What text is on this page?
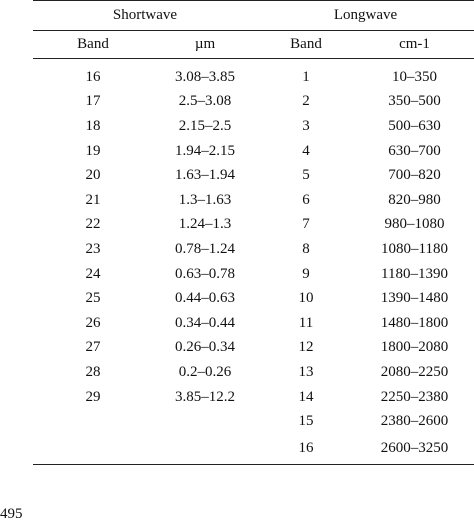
Shortwave		Longwave	
Band	µm	Band	cm-1
16	3.08–3.85	1	10–350
17	2.5–3.08	2	350–500
18	2.15–2.5	3	500–630
19	1.94–2.15	4	630–700
20	1.63–1.94	5	700–820
21	1.3–1.63	6	820–980
22	1.24–1.3	7	980–1080
23	0.78–1.24	8	1080–1180
24	0.63–0.78	9	1180–1390
25	0.44–0.63	10	1390–1480
26	0.34–0.44	11	1480–1800
27	0.26–0.34	12	1800–2080
28	0.2–0.26	13	2080–2250
29	3.85–12.2	14	2250–2380
		15	2380–2600
		16	2600–3250
495
